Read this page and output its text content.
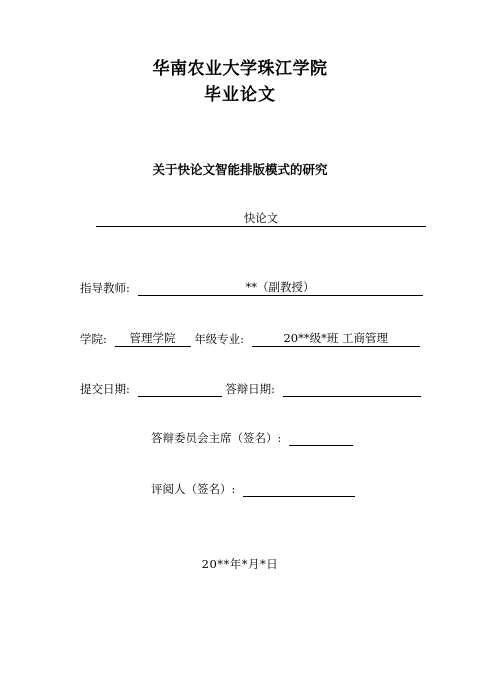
华南农业大学珠江学院
毕业论文
关于快论文智能排版模式的研究
快论文
指导教师:	**（副教授）
学院: 管理学院 年级专业:	20**级*班 工商管理
提交日期:	答辩日期:
答辩委员会主席（签名）:
评阅人（签名）:
20**年*月*日
